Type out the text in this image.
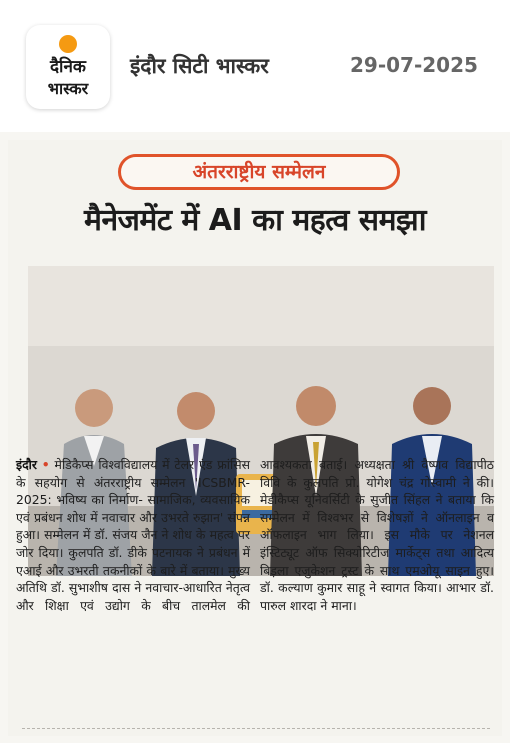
दैनिक
भास्कर
इंदौर सिटी भास्कर	29-07-2025
अंतरराष्ट्रीय सम्मेलन
मैनेजमेंट में AI का महत्व समझा

इंदौर • मेडिकैप्स विश्वविद्यालय में टेलर एंड फ्रांसिस के सहयोग से अंतरराष्ट्रीय सम्मेलन 'ICSBMR-2025: भविष्य का निर्माण- सामाजिक, व्यवसायिक एवं प्रबंधन शोध में नवाचार और उभरते रुझान' संपन्न हुआ। सम्मेलन में डॉ. संजय जैन ने शोध के महत्व पर जोर दिया। कुलपति डॉ. डीके पटनायक ने प्रबंधन में एआई और उभरती तकनीकों के बारे में बताया। मुख्य अतिथि डॉ. सुभाशीष दास ने नवाचार-आधारित नेतृत्व और शिक्षा एवं उद्योग के बीच तालमेल की आवश्यकता बताई। अध्यक्षता श्री वैष्णव विद्यापीठ विवि के कुलपति प्रो. योगेश चंद्र गोस्वामी ने की। मेडीकैप्स यूनिवर्सिटी के सुजीत सिंहल ने बताया कि सम्मेलन में विश्वभर से विशेषज्ञों ने ऑनलाइन व ऑफलाइन भाग लिया। इस मौके पर नेशनल इंस्टिट्यूट ऑफ सिक्योरिटीज मार्केट्स तथा आदित्य बिड़ला एजुकेशन ट्रस्ट के साथ एमओयू साइन हुए। डॉ. कल्याण कुमार साहू ने स्वागत किया। आभार डॉ. पारुल शारदा ने माना।
